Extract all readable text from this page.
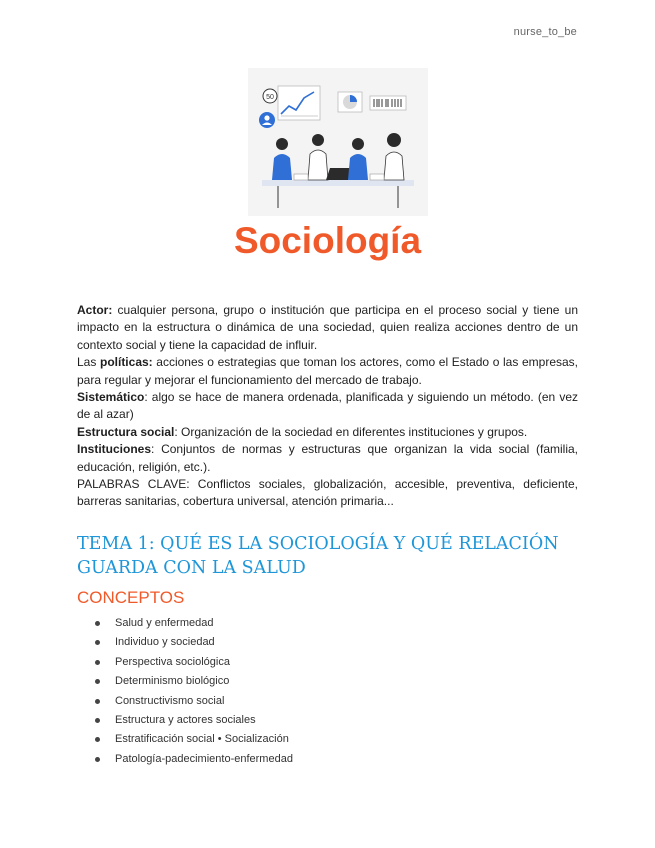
nurse_to_be
50
Sociología

Actor: cualquier persona, grupo o institución que participa en el proceso social y tiene un impacto en la estructura o dinámica de una sociedad, quien realiza acciones dentro de un contexto social y tiene la capacidad de influir.

Las políticas: acciones o estrategias que toman los actores, como el Estado o las empresas, para regular y mejorar el funcionamiento del mercado de trabajo.

Sistemático: algo se hace de manera ordenada, planificada y siguiendo un método. (en vez de al azar)

Estructura social: Organización de la sociedad en diferentes instituciones y grupos.

Instituciones: Conjuntos de normas y estructuras que organizan la vida social (familia, educación, religión, etc.).

PALABRAS CLAVE: Conflictos sociales, globalización, accesible, preventiva, deficiente, barreras sanitarias, cobertura universal, atención primaria...

TEMA 1: QUÉ ES LA SOCIOLOGÍA Y QUÉ RELACIÓN GUARDA CON LA SALUD
CONCEPTOS
Salud y enfermedad
Individuo y sociedad
Perspectiva sociológica
Determinismo biológico
Constructivismo social
Estructura y actores sociales
Estratificación social • Socialización
Patología-padecimiento-enfermedad
